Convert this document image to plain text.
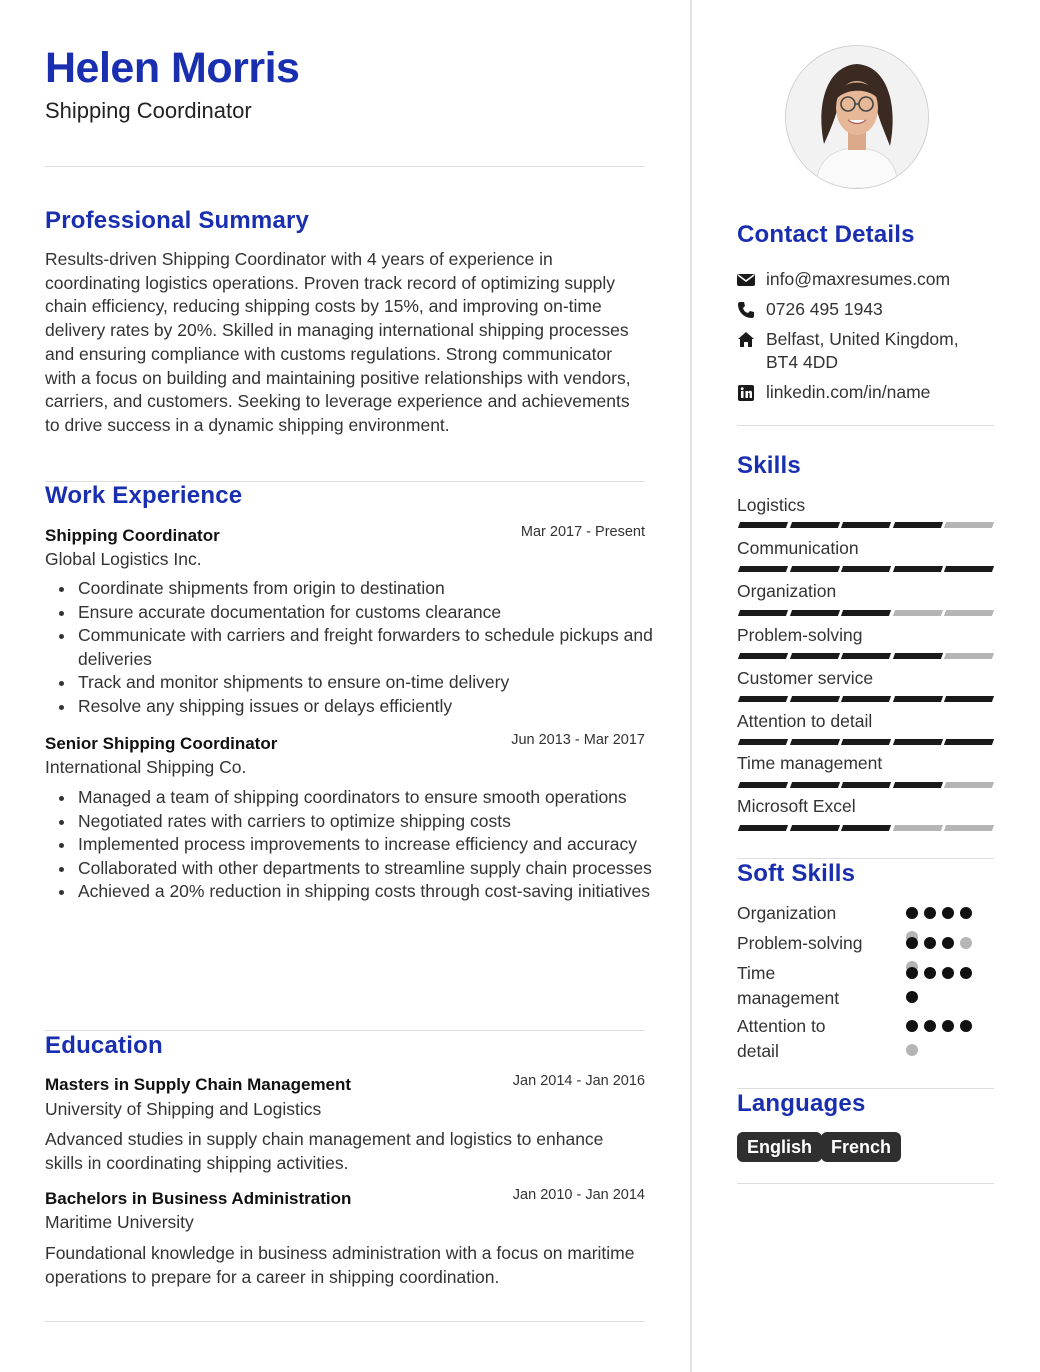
Helen Morris
Shipping Coordinator
Professional Summary

Results-driven Shipping Coordinator with 4 years of experience in coordinating logistics operations. Proven track record of optimizing supply chain efficiency, reducing shipping costs by 15%, and improving on-time delivery rates by 20%. Skilled in managing international shipping processes and ensuring compliance with customs regulations. Strong communicator with a focus on building and maintaining positive relationships with vendors, carriers, and customers. Seeking to leverage experience and achievements to drive success in a dynamic shipping environment.

Work Experience
Shipping Coordinator	Mar 2017 - Present
Global Logistics Inc.
Coordinate shipments from origin to destination
Ensure accurate documentation for customs clearance
Communicate with carriers and freight forwarders to schedule pickups and deliveries
Track and monitor shipments to ensure on-time delivery
Resolve any shipping issues or delays efficiently
Senior Shipping Coordinator	Jun 2013 - Mar 2017
International Shipping Co.
Managed a team of shipping coordinators to ensure smooth operations
Negotiated rates with carriers to optimize shipping costs
Implemented process improvements to increase efficiency and accuracy
Collaborated with other departments to streamline supply chain processes
Achieved a 20% reduction in shipping costs through cost-saving initiatives
Education
Masters in Supply Chain Management	Jan 2014 - Jan 2016
University of Shipping and Logistics

Advanced studies in supply chain management and logistics to enhance skills in coordinating shipping activities.

Bachelors in Business Administration	Jan 2010 - Jan 2014
Maritime University

Foundational knowledge in business administration with a focus on maritime operations to prepare for a career in shipping coordination.

Contact Details
info@maxresumes.com
0726 495 1943
Belfast, United Kingdom, BT4 4DD
linkedin.com/in/name
Skills
Logistics
Communication
Organization
Problem-solving
Customer service
Attention to detail
Time management
Microsoft Excel
Soft Skills
Organization
Problem-solving
Time management
Attention to detail
Languages
English	French
